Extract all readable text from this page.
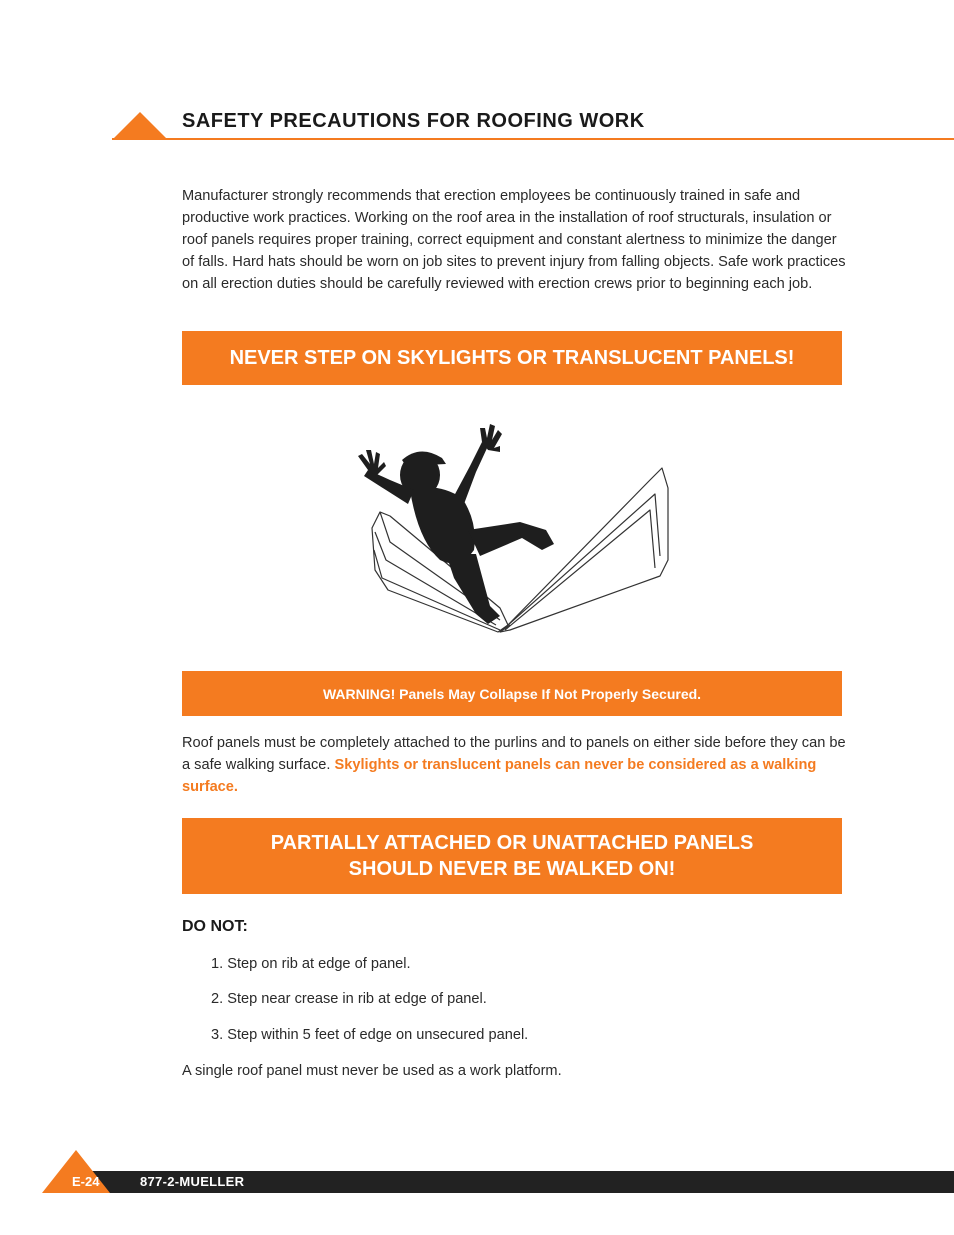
SAFETY PRECAUTIONS FOR ROOFING WORK

Manufacturer strongly recommends that erection employees be continuously trained in safe and productive work practices. Working on the roof area in the installation of roof structurals, insulation or roof panels requires proper training, correct equipment and constant alertness to minimize the danger of falls. Hard hats should be worn on job sites to prevent injury from falling objects. Safe work practices on all erection duties should be carefully reviewed with erection crews prior to beginning each job.

NEVER STEP ON SKYLIGHTS OR TRANSLUCENT PANELS!
WARNING! Panels May Collapse If Not Properly Secured.

Roof panels must be completely attached to the purlins and to panels on either side before they can be a safe walking surface. Skylights or translucent panels can never be considered as a walking surface.

PARTIALLY ATTACHED OR UNATTACHED PANELS
SHOULD NEVER BE WALKED ON!
DO NOT:

1. Step on rib at edge of panel.

2. Step near crease in rib at edge of panel.

3. Step within 5 feet of edge on unsecured panel.

A single roof panel must never be used as a work platform.

E-24	877-2-MUELLER
